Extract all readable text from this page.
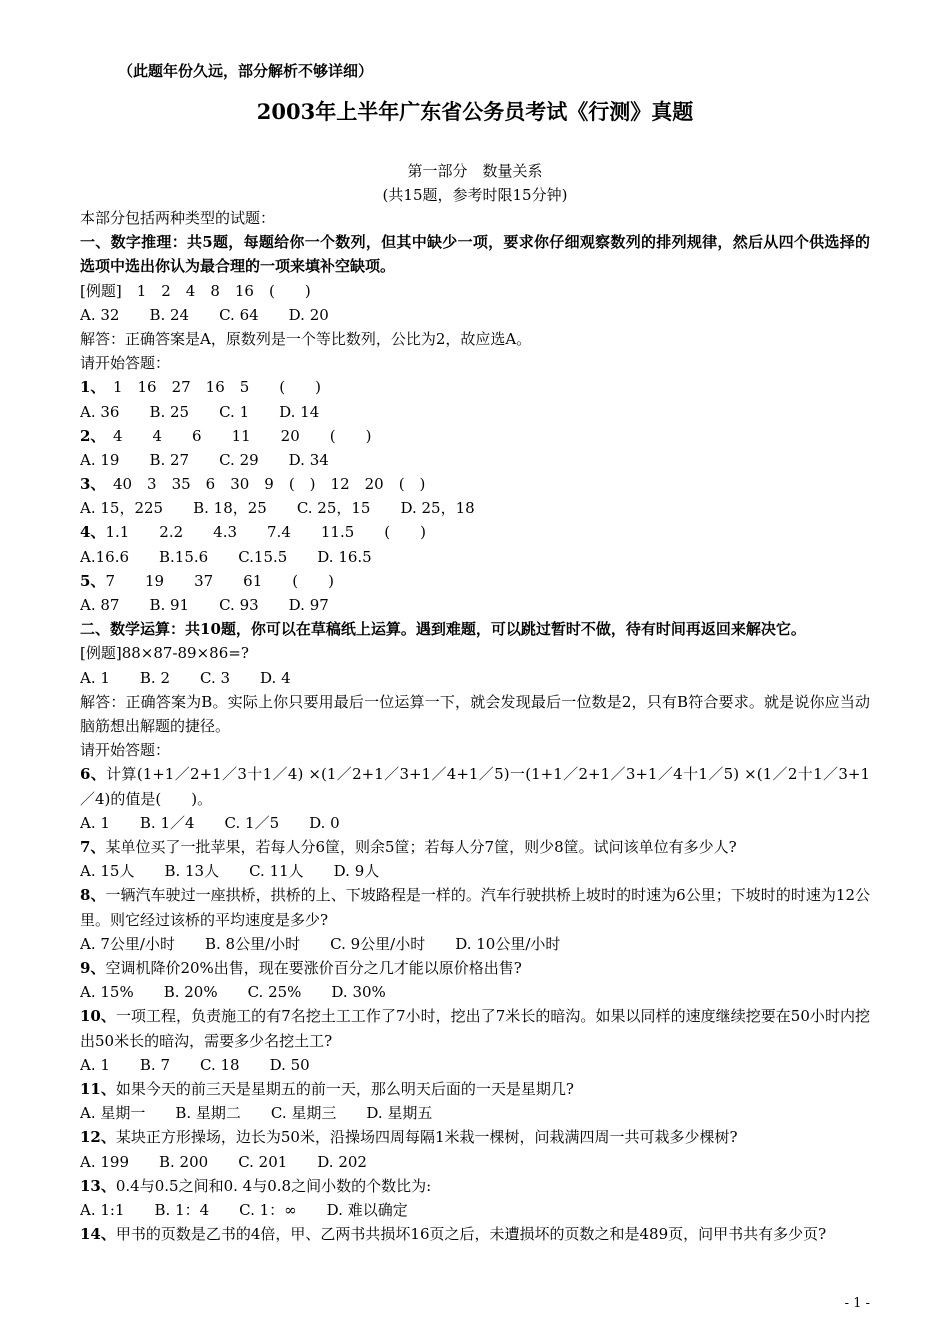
（此题年份久远，部分解析不够详细）
2003年上半年广东省公务员考试《行测》真题
第一部分　数量关系
(共15题，参考时限15分钟)
本部分包括两种类型的试题：
一、数字推理：共5题，每题给你一个数列，但其中缺少一项，要求你仔细观察数列的排列规律，然后从四个供选择的选项中选出你认为最合理的一项来填补空缺项。
[例题]　1　2　4　8　16　(　　)
A. 32　　B. 24　　C. 64　　D. 20
解答：正确答案是A，原数列是一个等比数列，公比为2，故应选A。
请开始答题：
1、　1　16　27　16　5　　(　　)
A. 36　　B. 25　　C. 1　　D. 14
2、　4　　4　　6　　11　　20　　(　　)
A. 19　　B. 27　　C. 29　　D. 34
3、　40　3　35　6　30　9　(　)　12　20　(　)
A. 15，225　　B. 18，25　　C. 25，15　　D. 25，18
4、1.1　　2.2　　4.3　　7.4　　11.5　　(　　)
A.16.6　　B.15.6　　C.15.5　　D. 16.5
5、7　　19　　37　　61　　(　　)
A. 87　　B. 91　　C. 93　　D. 97
二、数学运算：共10题，你可以在草稿纸上运算。遇到难题，可以跳过暂时不做，待有时间再返回来解决它。
[例题]88×87-89×86=?
A. 1　　B. 2　　C. 3　　D. 4
解答：正确答案为B。实际上你只要用最后一位运算一下，就会发现最后一位数是2，只有B符合要求。就是说你应当动脑筋想出解题的捷径。
请开始答题：
6、计算(1+1／2+1／3十1／4) ×(1／2+1／3+1／4+1／5)一(1+1／2+1／3+1／4十1／5) ×(1／2十1／3+1／4)的值是(　　)。
A. 1　　B. 1／4　　C. 1／5　　D. 0
7、某单位买了一批苹果，若每人分6筐，则余5筐；若每人分7筐，则少8筐。试问该单位有多少人?
A. 15人　　B. 13人　　C. 11人　　D. 9人
8、一辆汽车驶过一座拱桥，拱桥的上、下坡路程是一样的。汽车行驶拱桥上坡时的时速为6公里；下坡时的时速为12公里。则它经过该桥的平均速度是多少?
A. 7公里/小时　　B. 8公里/小时　　C. 9公里/小时　　D. 10公里/小时
9、空调机降价20%出售，现在要涨价百分之几才能以原价格出售?
A. 15%　　B. 20%　　C. 25%　　D. 30%
10、一项工程，负责施工的有7名挖土工工作了7小时，挖出了7米长的暗沟。如果以同样的速度继续挖要在50小时内挖出50米长的暗沟，需要多少名挖土工?
A. 1　　B. 7　　C. 18　　D. 50
11、如果今天的前三天是星期五的前一天，那么明天后面的一天是星期几?
A. 星期一　　B. 星期二　　C. 星期三　　D. 星期五
12、某块正方形操场，边长为50米，沿操场四周每隔1米栽一棵树，问栽满四周一共可栽多少棵树?
A. 199　　B. 200　　C. 201　　D. 202
13、0.4与0.5之间和0. 4与0.8之间小数的个数比为:
A. 1:1　　B. 1：4　　C. 1：∞　　D. 难以确定
14、甲书的页数是乙书的4倍，甲、乙两书共损坏16页之后，未遭损坏的页数之和是489页，问甲书共有多少页?
- 1 -
